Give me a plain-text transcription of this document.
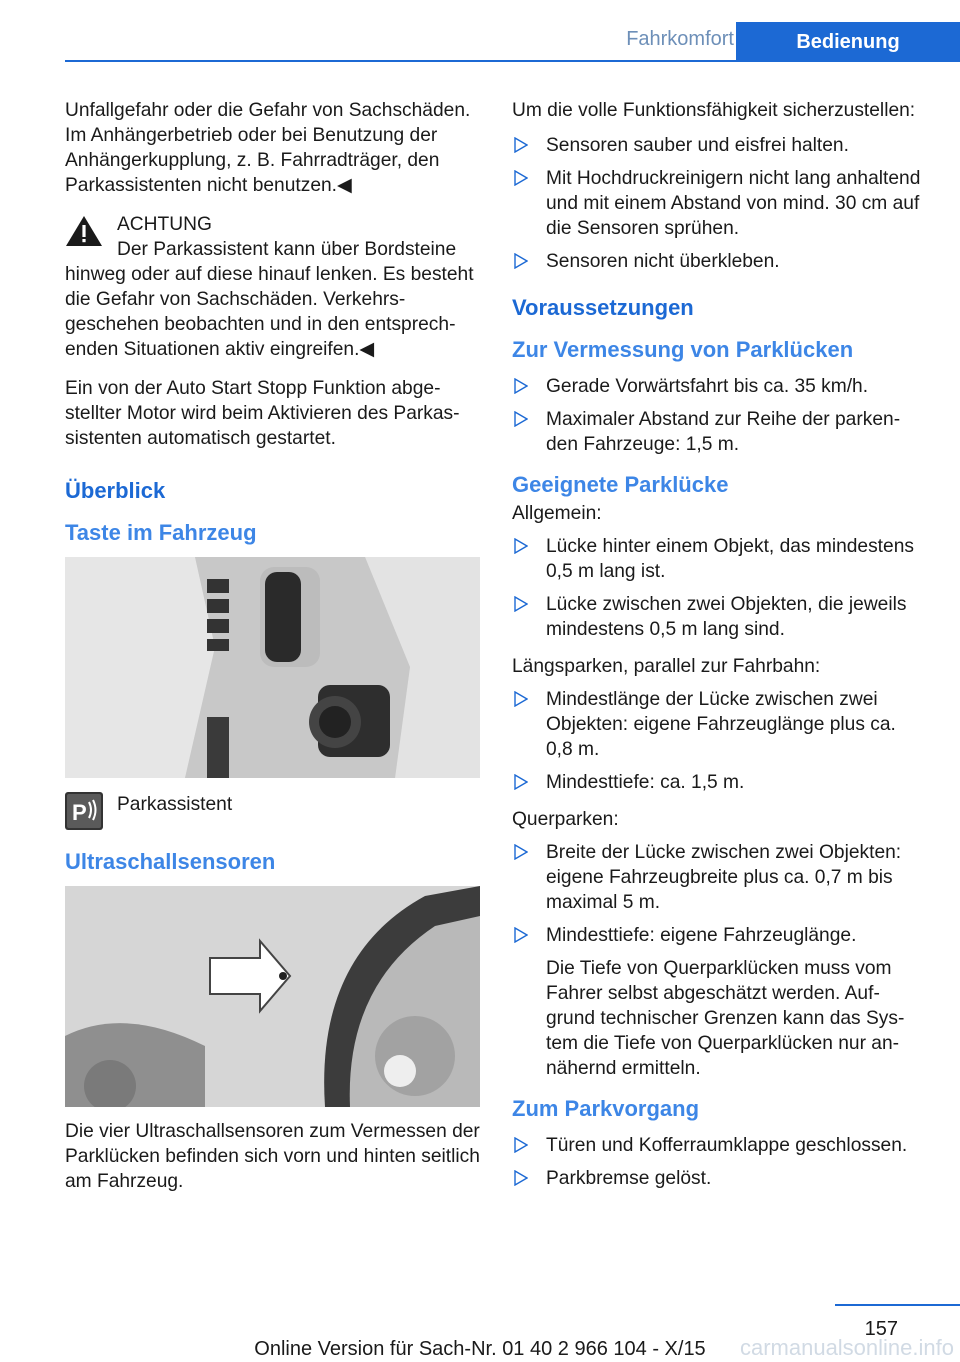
Fahrkomfort	Bedienung

Unfallgefahr oder die Gefahr von Sachschäden. Im Anhängerbetrieb oder bei Benutzung der Anhängerkupplung, z. B. Fahrradträger, den Parkassistenten nicht benutzen.◀

ACHTUNG
Der Parkassistent kann über Bordsteine hinweg oder auf diese hinauf lenken. Es besteht die Gefahr von Sachschäden. Verkehrsgeschehen beobachten und in den entsprechenden Situationen aktiv eingreifen.◀

Ein von der Auto Start Stopp Funktion abgestellter Motor wird beim Aktivieren des Parkassistenten automatisch gestartet.

Überblick
Taste im Fahrzeug
P Parkassistent

Ultraschallsensoren

Die vier Ultraschallsensoren zum Vermessen der Parklücken befinden sich vorn und hinten seitlich am Fahrzeug.

Um die volle Funktionsfähigkeit sicherzustellen:

Sensoren sauber und eisfrei halten.
Mit Hochdruckreinigern nicht lang anhaltend und mit einem Abstand von mind. 30 cm auf die Sensoren sprühen.
Sensoren nicht überkleben.
Voraussetzungen
Zur Vermessung von Parklücken
Gerade Vorwärtsfahrt bis ca. 35 km/h.
Maximaler Abstand zur Reihe der parkenden Fahrzeuge: 1,5 m.
Geeignete Parklücke

Allgemein:

Lücke hinter einem Objekt, das mindestens 0,5 m lang ist.
Lücke zwischen zwei Objekten, die jeweils mindestens 0,5 m lang sind.

Längsparken, parallel zur Fahrbahn:

Mindestlänge der Lücke zwischen zwei Objekten: eigene Fahrzeuglänge plus ca. 0,8 m.
Mindesttiefe: ca. 1,5 m.

Querparken:

Breite der Lücke zwischen zwei Objekten: eigene Fahrzeugbreite plus ca. 0,7 m bis maximal 5 m.
Mindesttiefe: eigene Fahrzeuglänge.
Die Tiefe von Querparklücken muss vom Fahrer selbst abgeschätzt werden. Aufgrund technischer Grenzen kann das System die Tiefe von Querparklücken nur annähernd ermitteln.
Zum Parkvorgang
Türen und Kofferraumklappe geschlossen.
Parkbremse gelöst.
157
Online Version für Sach-Nr. 01 40 2 966 104 - X/15	carmanualsonline.info
